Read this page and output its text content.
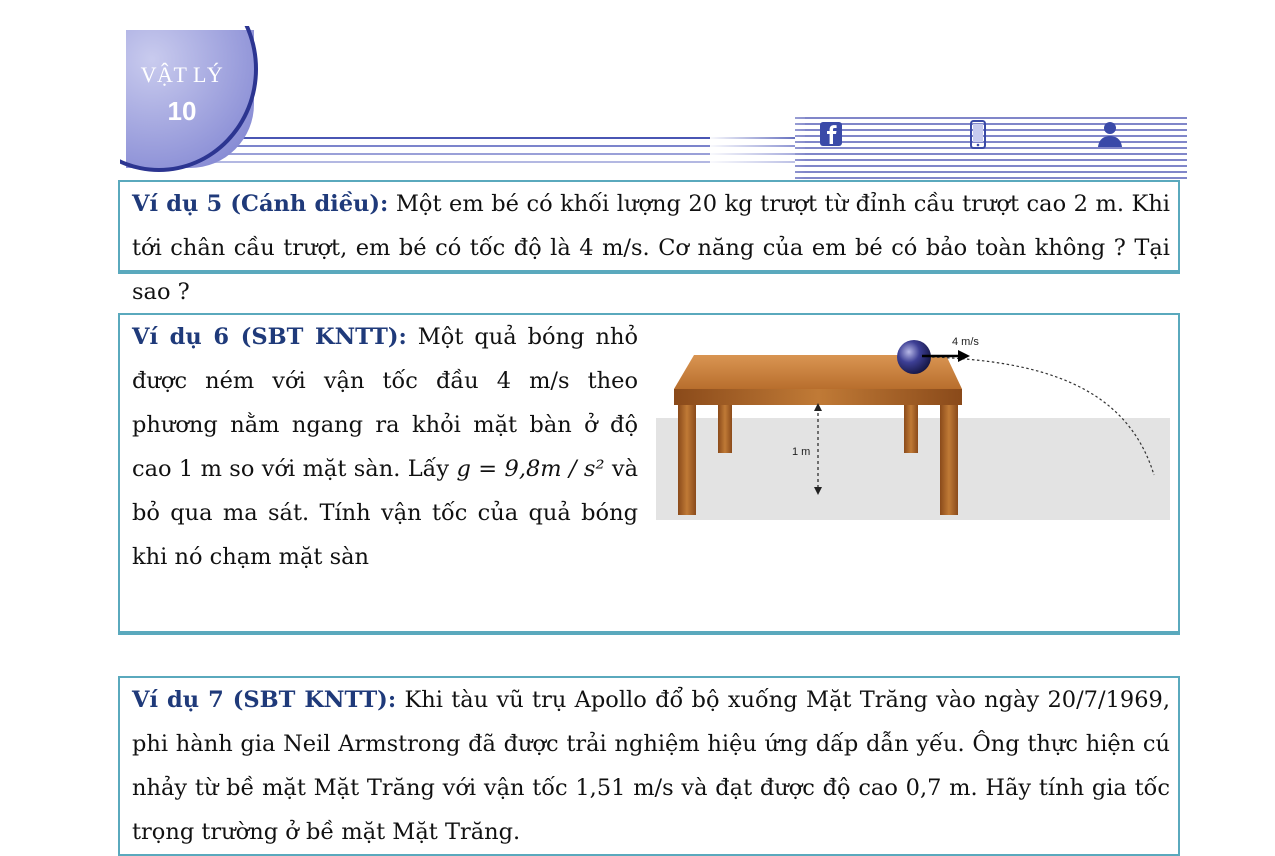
VẬT LÝ
10
Ví dụ 5 (Cánh diều): Một em bé có khối lượng 20 kg trượt từ đỉnh cầu trượt cao 2 m. Khi tới chân cầu trượt, em bé có tốc độ là 4 m/s. Cơ năng của em bé có bảo toàn không ? Tại sao ?
Ví dụ 6 (SBT KNTT): Một quả bóng nhỏ được ném với vận tốc đầu 4 m/s theo phương nằm ngang ra khỏi mặt bàn ở độ cao 1 m so với mặt sàn. Lấy g = 9,8m / s² và bỏ qua ma sát. Tính vận tốc của quả bóng khi nó chạm mặt sàn
1 m
4 m/s
Ví dụ 7 (SBT KNTT): Khi tàu vũ trụ Apollo đổ bộ xuống Mặt Trăng vào ngày 20/7/1969, phi hành gia Neil Armstrong đã được trải nghiệm hiệu ứng dấp dẫn yếu. Ông thực hiện cú nhảy từ bề mặt Mặt Trăng với vận tốc 1,51 m/s và đạt được độ cao 0,7 m. Hãy tính gia tốc trọng trường ở bề mặt Mặt Trăng.
